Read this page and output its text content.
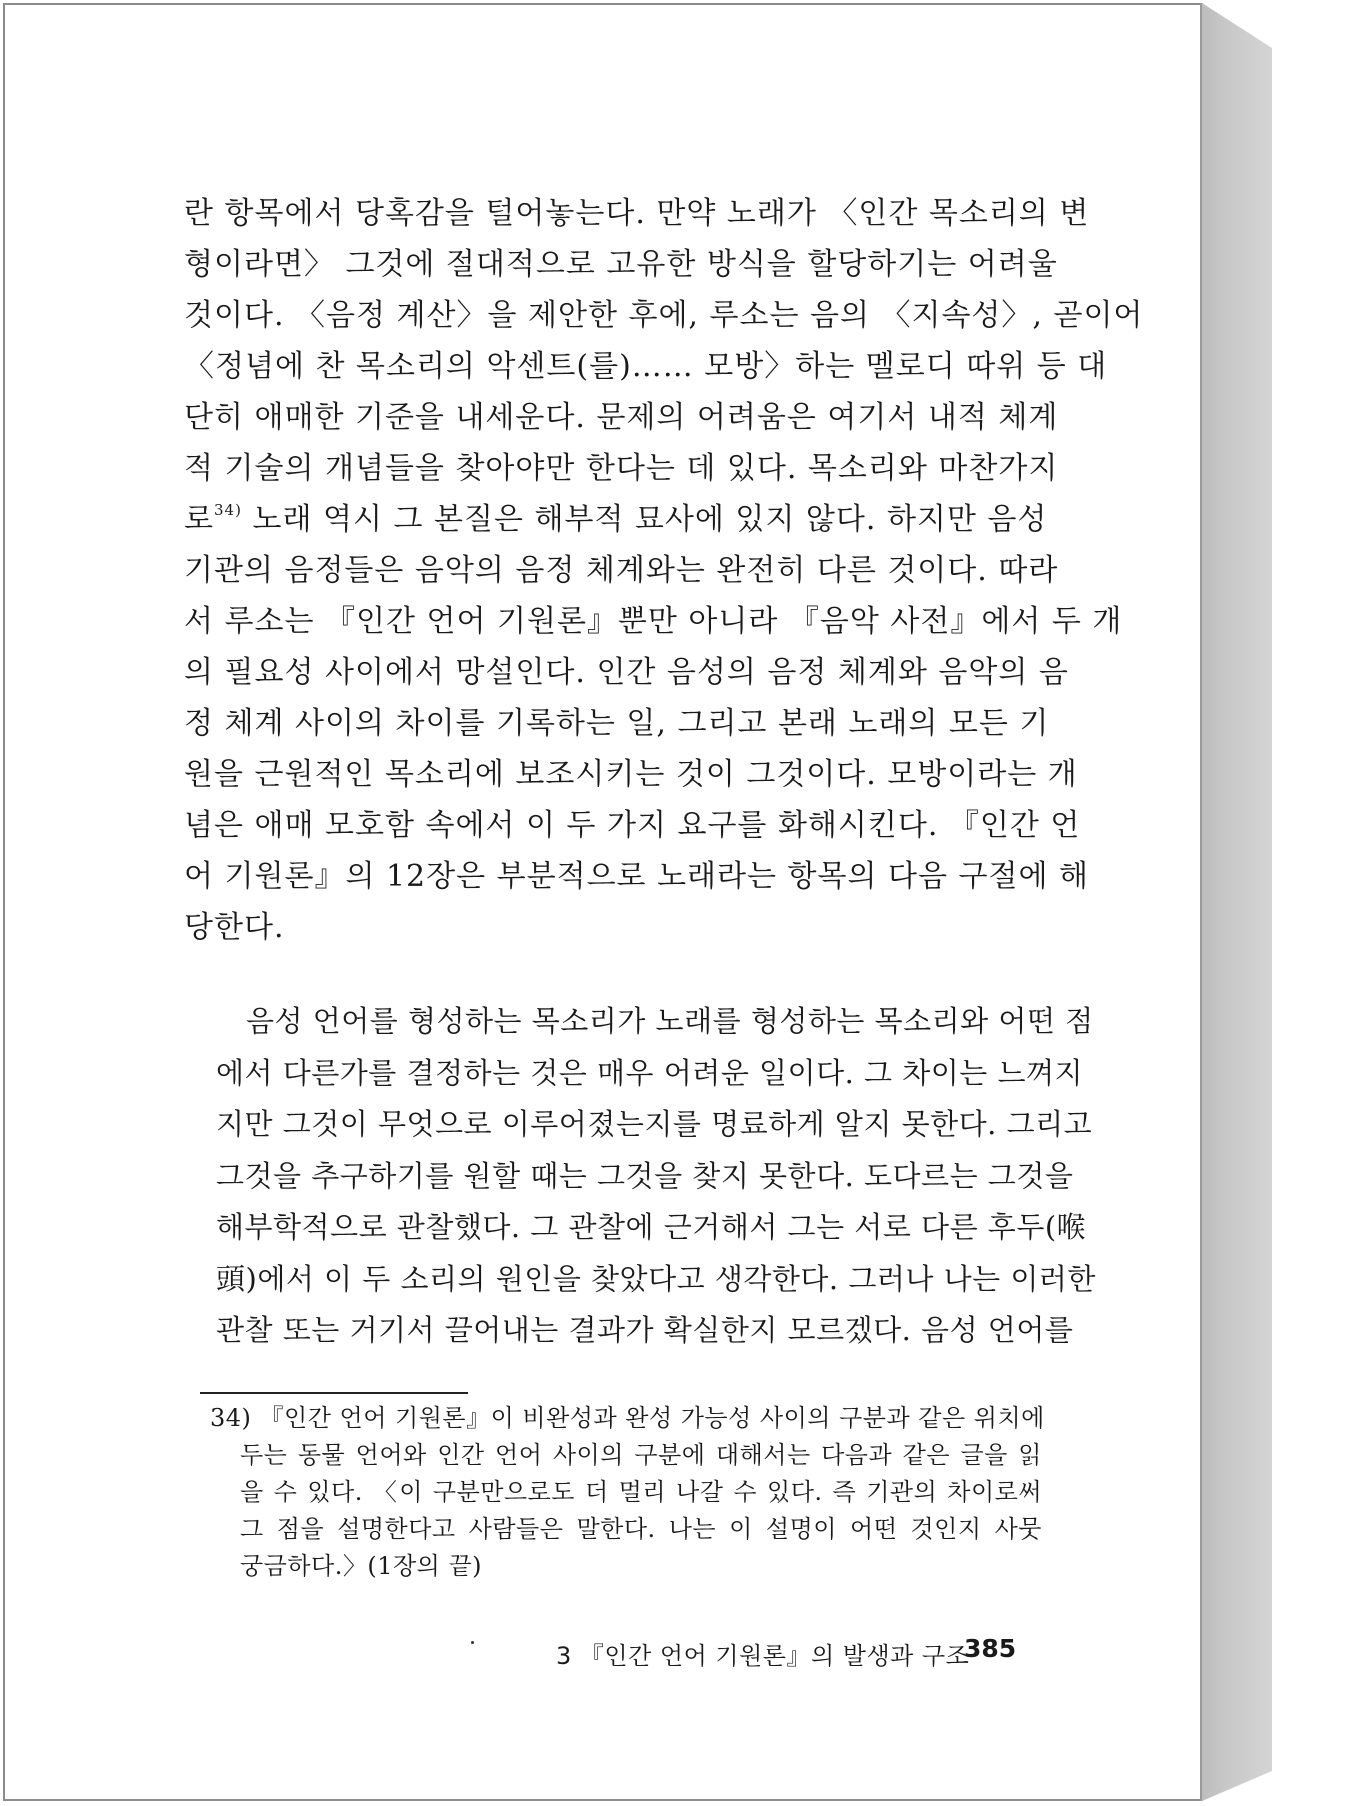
란 항목에서 당혹감을 털어놓는다. 만약 노래가 〈인간 목소리의 변
형이라면〉 그것에 절대적으로 고유한 방식을 할당하기는 어려울
것이다. 〈음정 계산〉을 제안한 후에, 루소는 음의 〈지속성〉, 곧이어
〈정념에 찬 목소리의 악센트(를)…… 모방〉하는 멜로디 따위 등 대
단히 애매한 기준을 내세운다. 문제의 어려움은 여기서 내적 체계
적 기술의 개념들을 찾아야만 한다는 데 있다. 목소리와 마찬가지
로$^{34)}$ 노래 역시 그 본질은 해부적 묘사에 있지 않다. 하지만 음성
기관의 음정들은 음악의 음정 체계와는 완전히 다른 것이다. 따라
서 루소는 『인간 언어 기원론』뿐만 아니라 『음악 사전』에서 두 개
의 필요성 사이에서 망설인다. 인간 음성의 음정 체계와 음악의 음
정 체계 사이의 차이를 기록하는 일, 그리고 본래 노래의 모든 기
원을 근원적인 목소리에 보조시키는 것이 그것이다. 모방이라는 개
념은 애매 모호함 속에서 이 두 가지 요구를 화해시킨다. 『인간 언
어 기원론』의 12장은 부분적으로 노래라는 항목의 다음 구절에 해
당한다.
음성 언어를 형성하는 목소리가 노래를 형성하는 목소리와 어떤 점
에서 다른가를 결정하는 것은 매우 어려운 일이다. 그 차이는 느껴지
지만 그것이 무엇으로 이루어졌는지를 명료하게 알지 못한다. 그리고
그것을 추구하기를 원할 때는 그것을 찾지 못한다. 도다르는 그것을
해부학적으로 관찰했다. 그 관찰에 근거해서 그는 서로 다른 후두(喉
頭)에서 이 두 소리의 원인을 찾았다고 생각한다. 그러나 나는 이러한
관찰 또는 거기서 끌어내는 결과가 확실한지 모르겠다. 음성 언어를
34) 『인간 언어 기원론』이 비완성과 완성 가능성 사이의 구분과 같은 위치에
두는 동물 언어와 인간 언어 사이의 구분에 대해서는 다음과 같은 글을 읽
을 수 있다. 〈이 구분만으로도 더 멀리 나갈 수 있다. 즉 기관의 차이로써
그 점을 설명한다고 사람들은 말한다. 나는 이 설명이 어떤 것인지 사뭇
궁금하다.〉(1장의 끝)
3 『인간 언어 기원론』의 발생과 구조
385
